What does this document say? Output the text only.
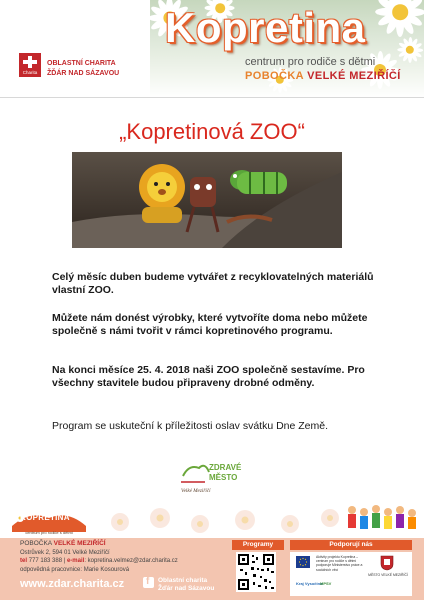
Kopretina
centrum pro rodiče s dětmi
POBOČKA VELKÉ MEZIŘÍČÍ
Charita
OBLASTNÍ CHARITA
ŽĎÁR NAD SÁZAVOU
„Kopretinová ZOO“

Celý měsíc duben budeme vytvářet z recyklovatelných materiálů vlastní ZOO.

Můžete nám donést výrobky, které vytvoříte doma nebo můžete společně s námi tvořit v rámci kopretinového programu.

Na konci měsíce 25. 4. 2018 naši ZOO společně sestavíme. Pro všechny stavitele budou připraveny drobné odměny.

Program se uskuteční k příležitosti oslav svátku Dne Země.

ZDRAVÉ
MĚSTO
Velké Meziříčí
KOPRETINA
centrum pro rodiče s dětmi
POBOČKA VELKÉ MEZIŘÍČÍ
Ostrůvek 2, 594 01 Velké Meziříčí
tel 777 183 388 | e-mail: kopretina.velmez@zdar.charita.cz
odpovědná pracovnice: Marie Kosourová
www.zdar.charita.cz f Oblastní charita
Žďár nad Sázavou
Programy	Podporují nás
Aktivity projektu Kopretina – centrum pro rodiče s dětmi podporuje Ministerstvo práce a sociálních věcí
Kraj Vysočina
MPSV
MĚSTO VELKÉ MEZIŘÍČÍ
